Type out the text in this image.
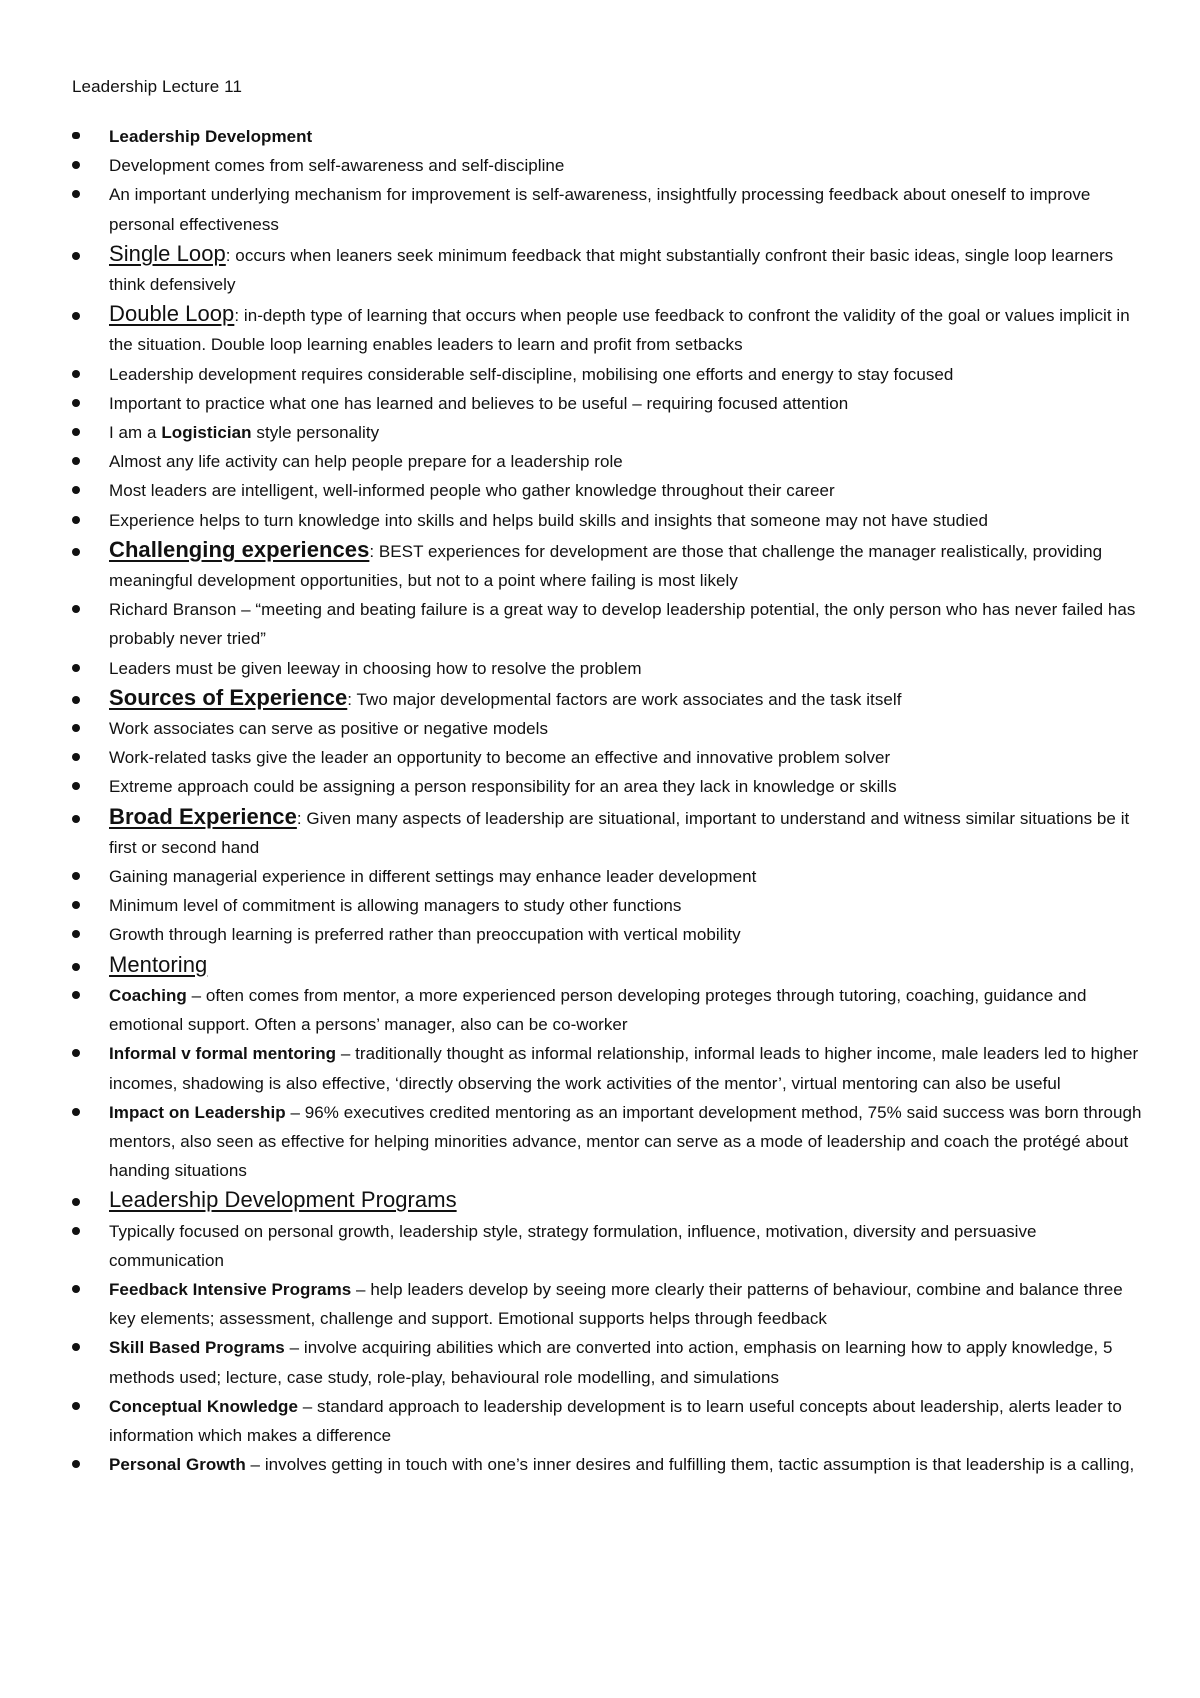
Leadership Lecture 11
Leadership Development
Development comes from self-awareness and self-discipline
An important underlying mechanism for improvement is self-awareness, insightfully processing feedback about oneself to improve personal effectiveness
Single Loop: occurs when leaners seek minimum feedback that might substantially confront their basic ideas, single loop learners think defensively
Double Loop: in-depth type of learning that occurs when people use feedback to confront the validity of the goal or values implicit in the situation. Double loop learning enables leaders to learn and profit from setbacks
Leadership development requires considerable self-discipline, mobilising one efforts and energy to stay focused
Important to practice what one has learned and believes to be useful – requiring focused attention
I am a Logistician style personality
Almost any life activity can help people prepare for a leadership role
Most leaders are intelligent, well-informed people who gather knowledge throughout their career
Experience helps to turn knowledge into skills and helps build skills and insights that someone may not have studied
Challenging experiences: BEST experiences for development are those that challenge the manager realistically, providing meaningful development opportunities, but not to a point where failing is most likely
Richard Branson – “meeting and beating failure is a great way to develop leadership potential, the only person who has never failed has probably never tried”
Leaders must be given leeway in choosing how to resolve the problem
Sources of Experience: Two major developmental factors are work associates and the task itself
Work associates can serve as positive or negative models
Work-related tasks give the leader an opportunity to become an effective and innovative problem solver
Extreme approach could be assigning a person responsibility for an area they lack in knowledge or skills
Broad Experience: Given many aspects of leadership are situational, important to understand and witness similar situations be it first or second hand
Gaining managerial experience in different settings may enhance leader development
Minimum level of commitment is allowing managers to study other functions
Growth through learning is preferred rather than preoccupation with vertical mobility
Mentoring
Coaching – often comes from mentor, a more experienced person developing proteges through tutoring, coaching, guidance and emotional support. Often a persons’ manager, also can be co-worker
Informal v formal mentoring – traditionally thought as informal relationship, informal leads to higher income, male leaders led to higher incomes, shadowing is also effective, ‘directly observing the work activities of the mentor’, virtual mentoring can also be useful
Impact on Leadership – 96% executives credited mentoring as an important development method, 75% said success was born through mentors, also seen as effective for helping minorities advance, mentor can serve as a mode of leadership and coach the protégé about handing situations
Leadership Development Programs
Typically focused on personal growth, leadership style, strategy formulation, influence, motivation, diversity and persuasive communication
Feedback Intensive Programs – help leaders develop by seeing more clearly their patterns of behaviour, combine and balance three key elements; assessment, challenge and support. Emotional supports helps through feedback
Skill Based Programs – involve acquiring abilities which are converted into action, emphasis on learning how to apply knowledge, 5 methods used; lecture, case study, role-play, behavioural role modelling, and simulations
Conceptual Knowledge – standard approach to leadership development is to learn useful concepts about leadership, alerts leader to information which makes a difference
Personal Growth – involves getting in touch with one’s inner desires and fulfilling them, tactic assumption is that leadership is a calling,
